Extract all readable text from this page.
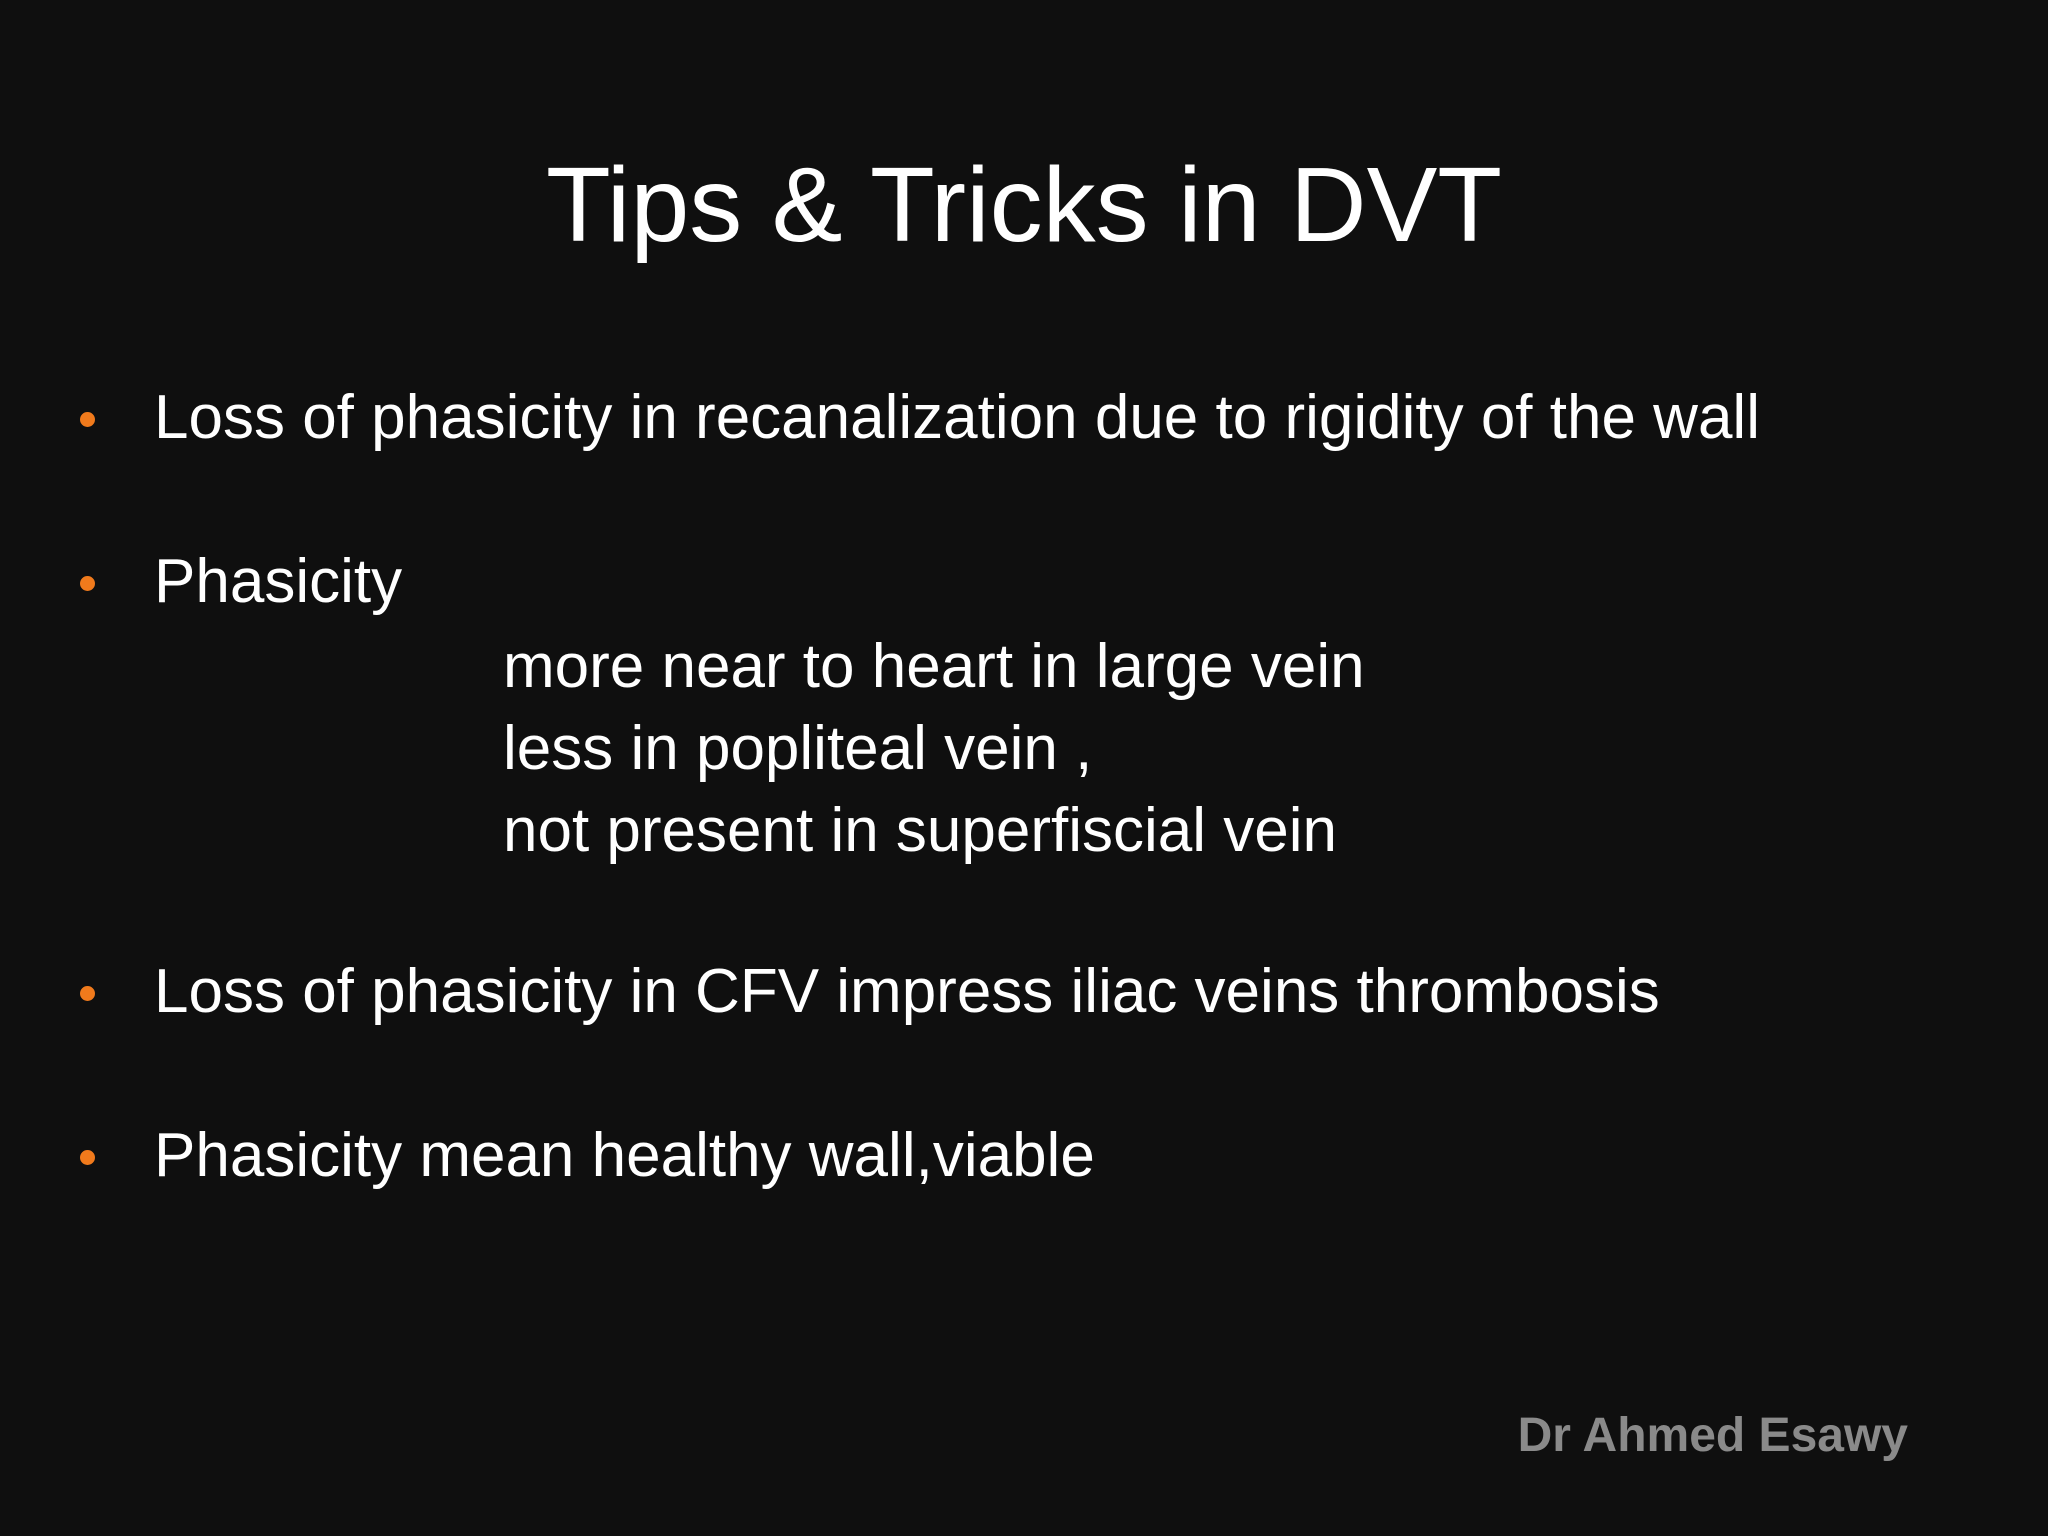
Tips & Tricks in DVT
Loss of phasicity in recanalization due to rigidity of the wall
Phasicity
more near to heart in large vein
less in popliteal vein ,
not present in superfiscial vein
Loss of phasicity in CFV impress iliac veins thrombosis
Phasicity mean healthy wall,viable
Dr Ahmed Esawy
